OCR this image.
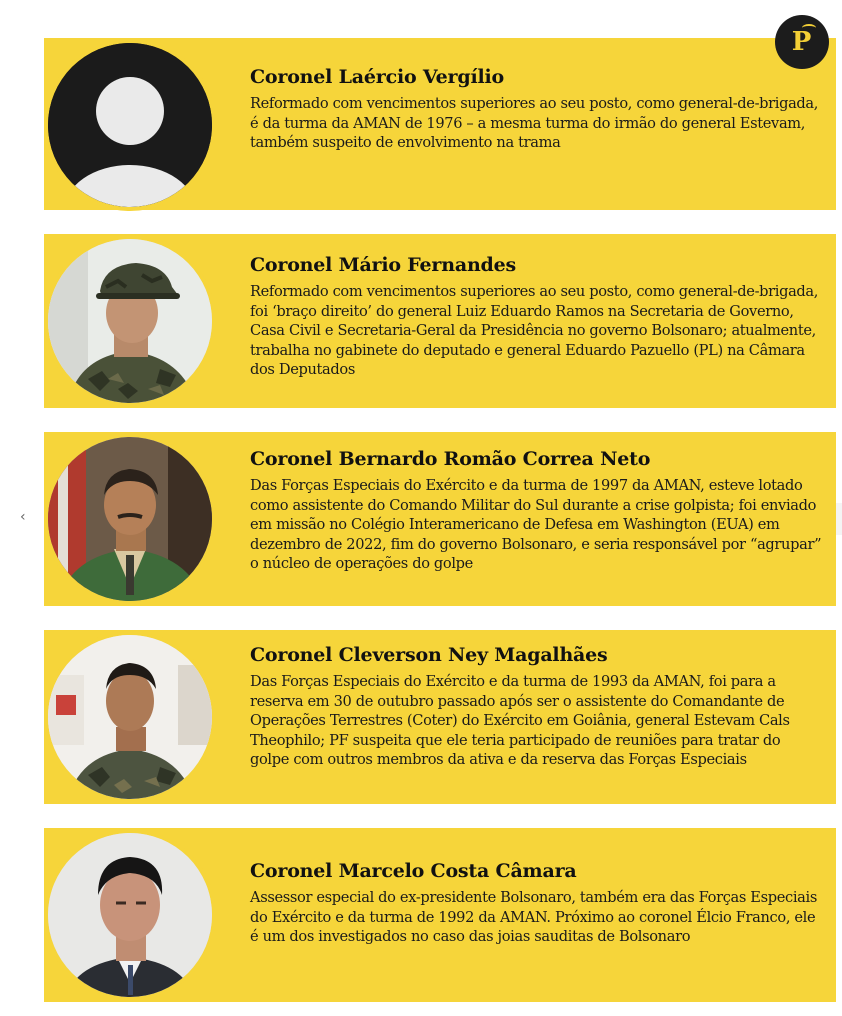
P
‹

Coronel Laércio Vergílio

Reformado com vencimentos superiores ao seu posto, como general-de-brigada, é da turma da AMAN de 1976 – a mesma turma do irmão do general Estevam, também suspeito de envolvimento na trama

Coronel Mário Fernandes

Reformado com vencimentos superiores ao seu posto, como general-de-brigada, foi ‘braço direito’ do general Luiz Eduardo Ramos na Secretaria de Governo, Casa Civil e Secretaria-Geral da Presidência no governo Bolsonaro; atualmente, trabalha no gabinete do deputado e general Eduardo Pazuello (PL) na Câmara dos Deputados

Coronel Bernardo Romão Correa Neto

Das Forças Especiais do Exército e da turma de 1997 da AMAN, esteve lotado como assistente do Comando Militar do Sul durante a crise golpista; foi enviado em missão no Colégio Interamericano de Defesa em Washington (EUA) em dezembro de 2022, fim do governo Bolsonaro, e seria responsável por “agrupar” o núcleo de operações do golpe

Coronel Cleverson Ney Magalhães

Das Forças Especiais do Exército e da turma de 1993 da AMAN, foi para a reserva em 30 de outubro passado após ser o assistente do Comandante de Operações Terrestres (Coter) do Exército em Goiânia, general Estevam Cals Theophilo; PF suspeita que ele teria participado de reuniões para tratar do golpe com outros membros da ativa e da reserva das Forças Especiais

Coronel Marcelo Costa Câmara

Assessor especial do ex-presidente Bolsonaro, também era das Forças Especiais do Exército e da turma de 1992 da AMAN. Próximo ao coronel Élcio Franco, ele é um dos investigados no caso das joias sauditas de Bolsonaro
